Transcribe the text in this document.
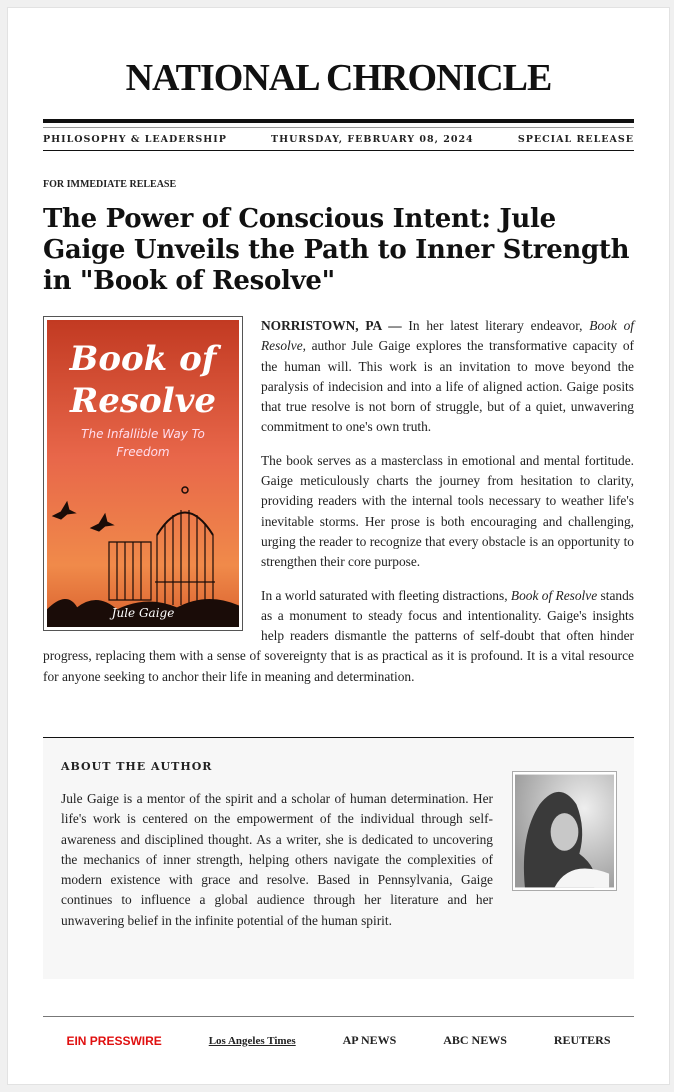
NATIONAL CHRONICLE
PHILOSOPHY & LEADERSHIP	THURSDAY, FEBRUARY 08, 2024	SPECIAL RELEASE
FOR IMMEDIATE RELEASE
The Power of Conscious Intent: Jule Gaige Unveils the Path to Inner Strength in "Book of Resolve"
Book of
Resolve
The Infallible Way To
Freedom
Jule Gaige

NORRISTOWN, PA — In her latest literary endeavor, Book of Resolve, author Jule Gaige explores the transformative capacity of the human will. This work is an invitation to move beyond the paralysis of indecision and into a life of aligned action. Gaige posits that true resolve is not born of struggle, but of a quiet, unwavering commitment to one's own truth.

The book serves as a masterclass in emotional and mental fortitude. Gaige meticulously charts the journey from hesitation to clarity, providing readers with the internal tools necessary to weather life's inevitable storms. Her prose is both encouraging and challenging, urging the reader to recognize that every obstacle is an opportunity to strengthen their core purpose.

In a world saturated with fleeting distractions, Book of Resolve stands as a monument to steady focus and intentionality. Gaige's insights help readers dismantle the patterns of self-doubt that often hinder progress, replacing them with a sense of sovereignty that is as practical as it is profound. It is a vital resource for anyone seeking to anchor their life in meaning and determination.

ABOUT THE AUTHOR

Jule Gaige is a mentor of the spirit and a scholar of human determination. Her life's work is centered on the empowerment of the individual through self-awareness and disciplined thought. As a writer, she is dedicated to uncovering the mechanics of inner strength, helping others navigate the complexities of modern existence with grace and resolve. Based in Pennsylvania, Gaige continues to influence a global audience through her literature and her unwavering belief in the infinite potential of the human spirit.

EIN PRESSWIRE	Los Angeles Times	AP NEWS	ABC NEWS	REUTERS
